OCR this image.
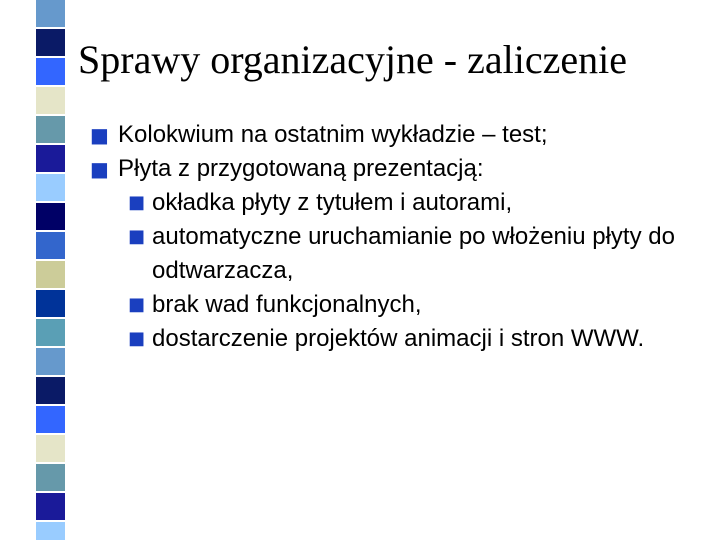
Sprawy organizacyjne - zaliczenie
■ Kolokwium na ostatnim wykładzie – test;
■ Płyta z przygotowaną prezentacją:
■ okładka płyty z tytułem i autorami,
■ automatyczne uruchamianie po włożeniu płyty do odtwarzacza,
■ brak wad funkcjonalnych,
■ dostarczenie projektów animacji i stron WWW.
